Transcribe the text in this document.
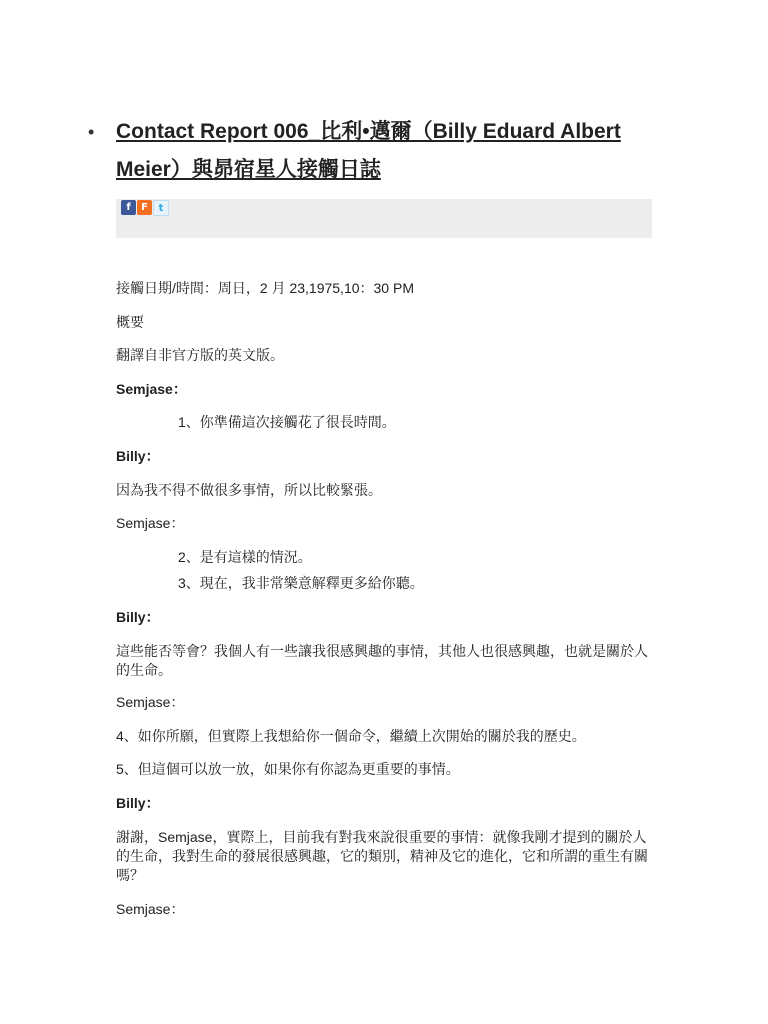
• Contact Report 006_比利•邁爾（Billy Eduard Albert Meier）與昴宿星人接觸日誌
f	F	t

接觸日期/時間：周日，2 月 23,1975,10：30 PM

概要

翻譯自非官方版的英文版。

Semjase：

1、你準備這次接觸花了很長時間。

Billy：

因為我不得不做很多事情，所以比較緊張。

Semjase：

2、是有這樣的情況。

3、現在，我非常樂意解釋更多給你聽。

Billy：

這些能否等會？我個人有一些讓我很感興趣的事情，其他人也很感興趣，也就是關於人的生命。

Semjase：

4、如你所願，但實際上我想給你一個命令，繼續上次開始的關於我的歷史。

5、但這個可以放一放，如果你有你認為更重要的事情。

Billy：

謝謝，Semjase，實際上，目前我有對我來說很重要的事情：就像我剛才提到的關於人的生命，我對生命的發展很感興趣，它的類別，精神及它的進化，它和所謂的重生有關嗎？

Semjase：
